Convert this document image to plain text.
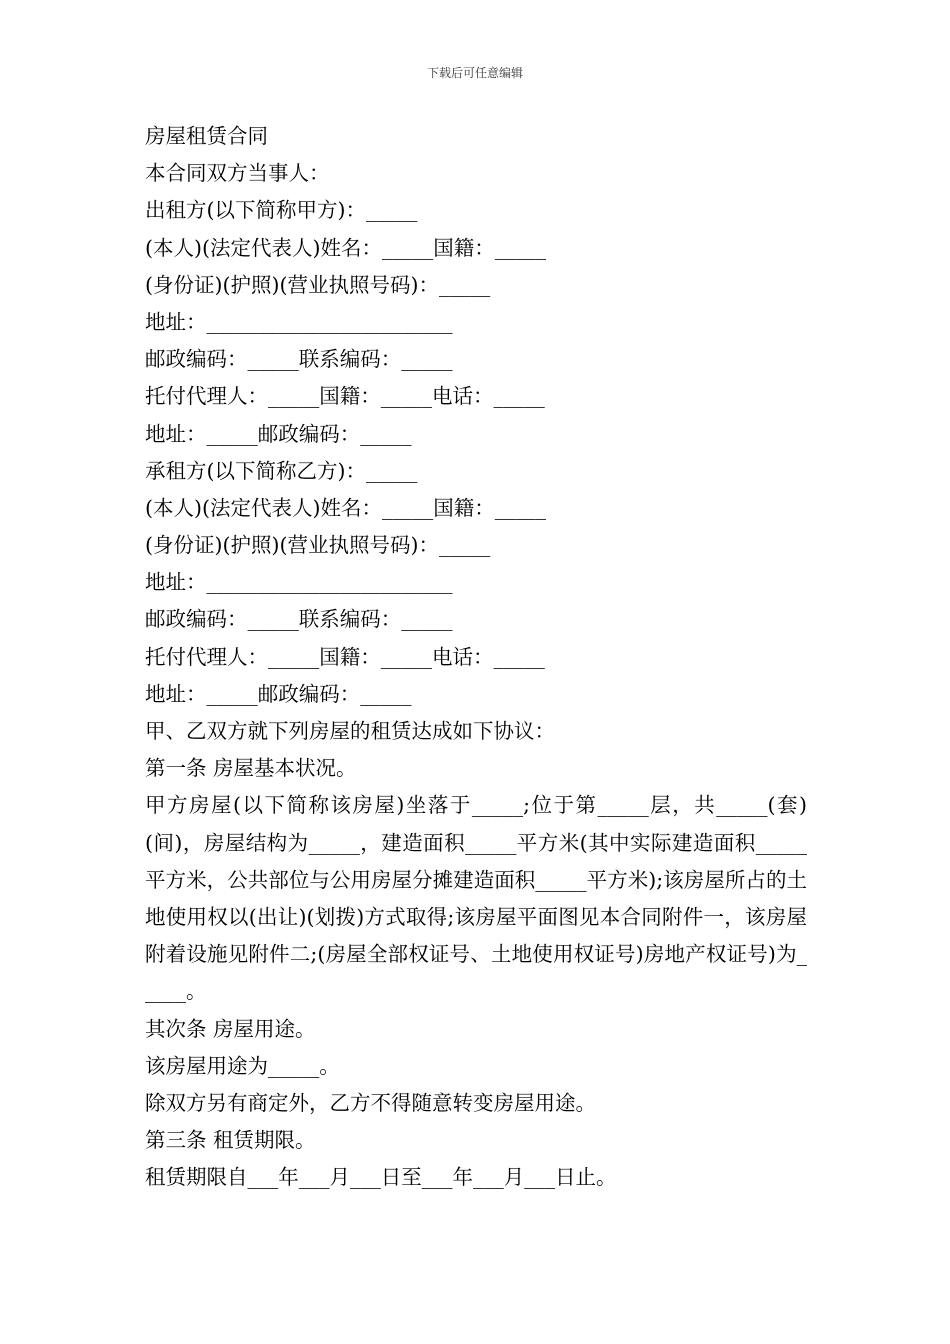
下载后可任意编辑
房屋租赁合同
本合同双方当事人：
出租方(以下简称甲方)：_____
(本人)(法定代表人)姓名：_____国籍：_____
(身份证)(护照)(营业执照号码)：_____
地址：________________________
邮政编码：_____联系编码：_____
托付代理人：_____国籍：_____电话：_____
地址：_____邮政编码：_____
承租方(以下简称乙方)：_____
(本人)(法定代表人)姓名：_____国籍：_____
(身份证)(护照)(营业执照号码)：_____
地址：________________________
邮政编码：_____联系编码：_____
托付代理人：_____国籍：_____电话：_____
地址：_____邮政编码：_____
甲、乙双方就下列房屋的租赁达成如下协议：
第一条 房屋基本状况。
甲方房屋(以下简称该房屋)坐落于_____;位于第_____层，共_____(套)(间)，房屋结构为_____，建造面积_____平方米(其中实际建造面积_____平方米，公共部位与公用房屋分摊建造面积_____平方米);该房屋所占的土地使用权以(出让)(划拨)方式取得;该房屋平面图见本合同附件一，该房屋附着设施见附件二;(房屋全部权证号、土地使用权证号)房地产权证号)为_____。
其次条 房屋用途。
该房屋用途为_____。
除双方另有商定外，乙方不得随意转变房屋用途。
第三条 租赁期限。
租赁期限自___年___月___日至___年___月___日止。
